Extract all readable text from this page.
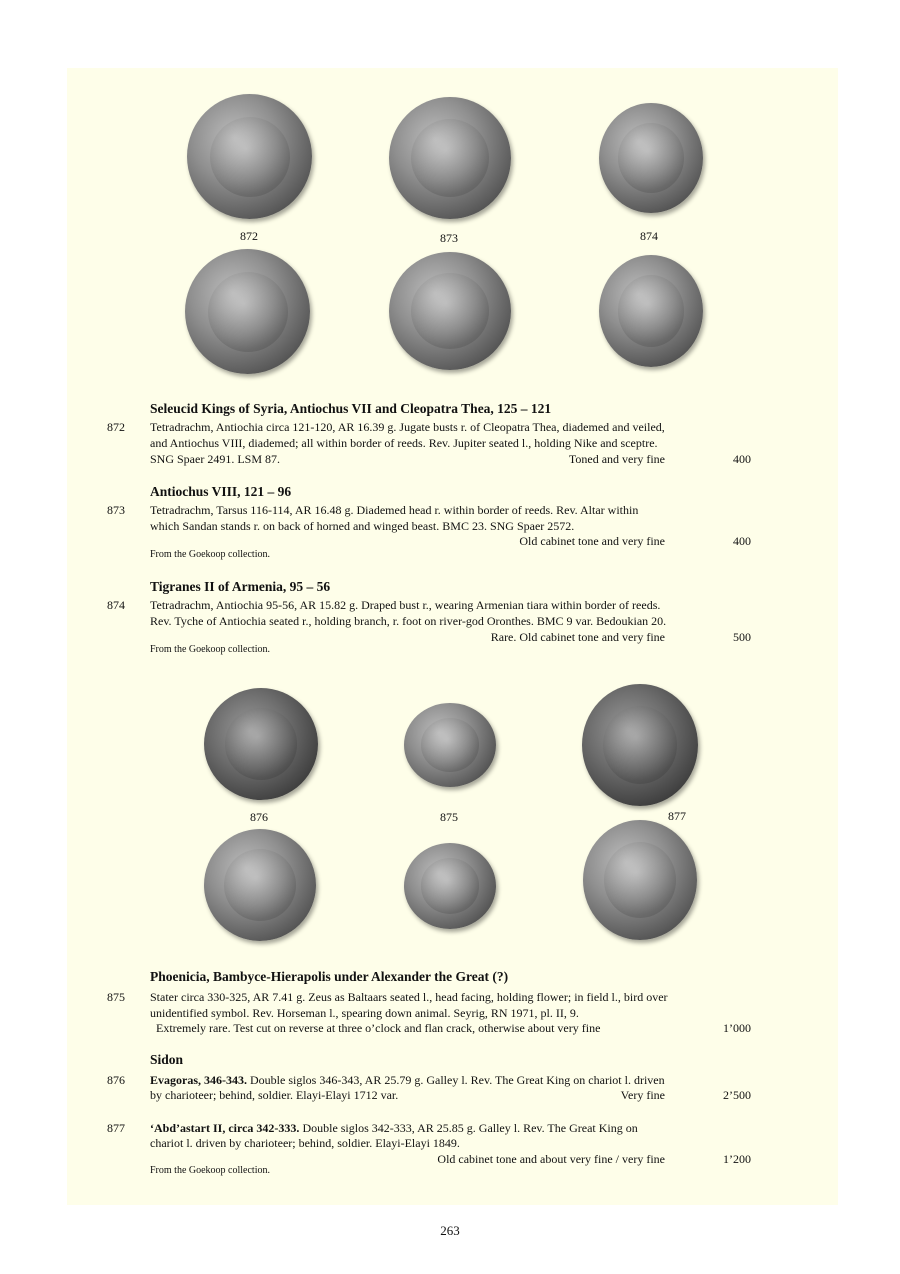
872	873	874
Seleucid Kings of Syria, Antiochus VII and Cleopatra Thea, 125 – 121
872 Tetradrachm, Antiochia circa 121-120, AR 16.39 g. Jugate busts r. of Cleopatra Thea, diademed and veiled,
and Antiochus VIII, diademed; all within border of reeds. Rev. Jupiter seated l., holding Nike and sceptre.
SNG Spaer 2491. LSM 87.	Toned and very fine	400
Antiochus VIII, 121 – 96
873 Tetradrachm, Tarsus 116-114, AR 16.48 g. Diademed head r. within border of reeds. Rev. Altar within
which Sandan stands r. on back of horned and winged beast. BMC 23. SNG Spaer 2572.
Old cabinet tone and very fine	400
From the Goekoop collection.
Tigranes II of Armenia, 95 – 56
874 Tetradrachm, Antiochia 95-56, AR 15.82 g. Draped bust r., wearing Armenian tiara within border of reeds.
Rev. Tyche of Antiochia seated r., holding branch, r. foot on river-god Oronthes. BMC 9 var. Bedoukian 20.
Rare. Old cabinet tone and very fine	500
From the Goekoop collection.
876	875	877
Phoenicia, Bambyce-Hierapolis under Alexander the Great (?)
875 Stater circa 330-325, AR 7.41 g. Zeus as Baltaars seated l., head facing, holding flower; in field l., bird over
unidentified symbol. Rev. Horseman l., spearing down animal. Seyrig, RN 1971, pl. II, 9.
Extremely rare. Test cut on reverse at three o’clock and flan crack, otherwise about very fine	1’000
Sidon
876 Evagoras, 346-343. Double siglos 346-343, AR 25.79 g. Galley l. Rev. The Great King on chariot l. driven
by charioteer; behind, soldier. Elayi-Elayi 1712 var.	Very fine	2’500
877 ‘Abd’astart II, circa 342-333. Double siglos 342-333, AR 25.85 g. Galley l. Rev. The Great King on
chariot l. driven by charioteer; behind, soldier. Elayi-Elayi 1849.
Old cabinet tone and about very fine / very fine	1’200
From the Goekoop collection.
263
